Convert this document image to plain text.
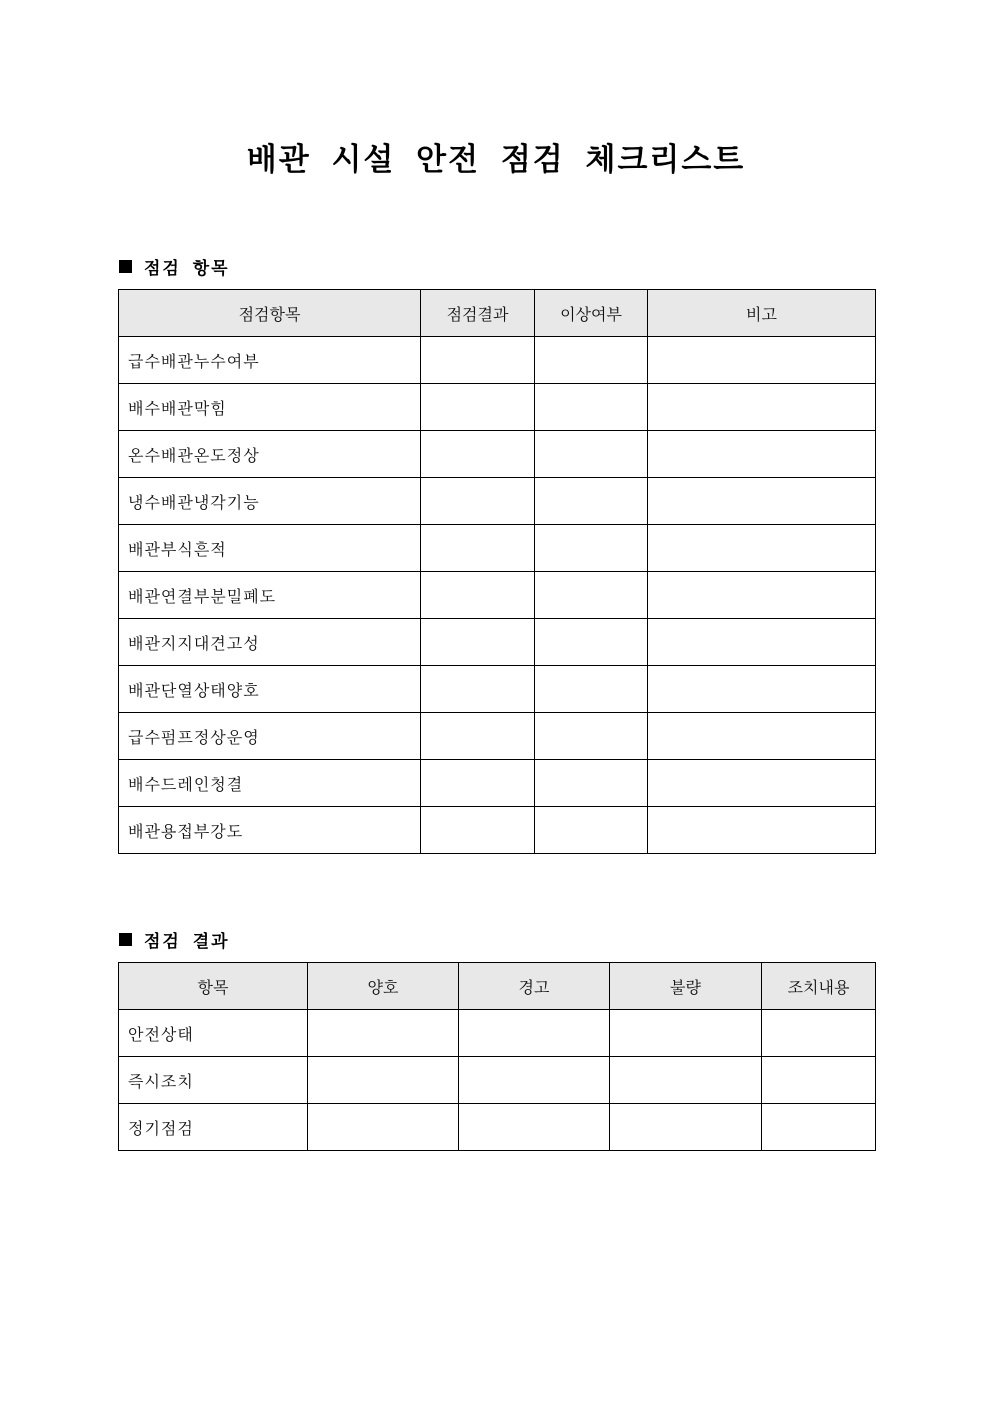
배관 시설 안전 점검 체크리스트
점검 항목
점검항목	점검결과	이상여부	비고
급수배관누수여부			
배수배관막힘			
온수배관온도정상			
냉수배관냉각기능			
배관부식흔적			
배관연결부분밀폐도			
배관지지대견고성			
배관단열상태양호			
급수펌프정상운영			
배수드레인청결			
배관용접부강도			
점검 결과
항목	양호	경고	불량	조치내용
안전상태				
즉시조치				
정기점검				
